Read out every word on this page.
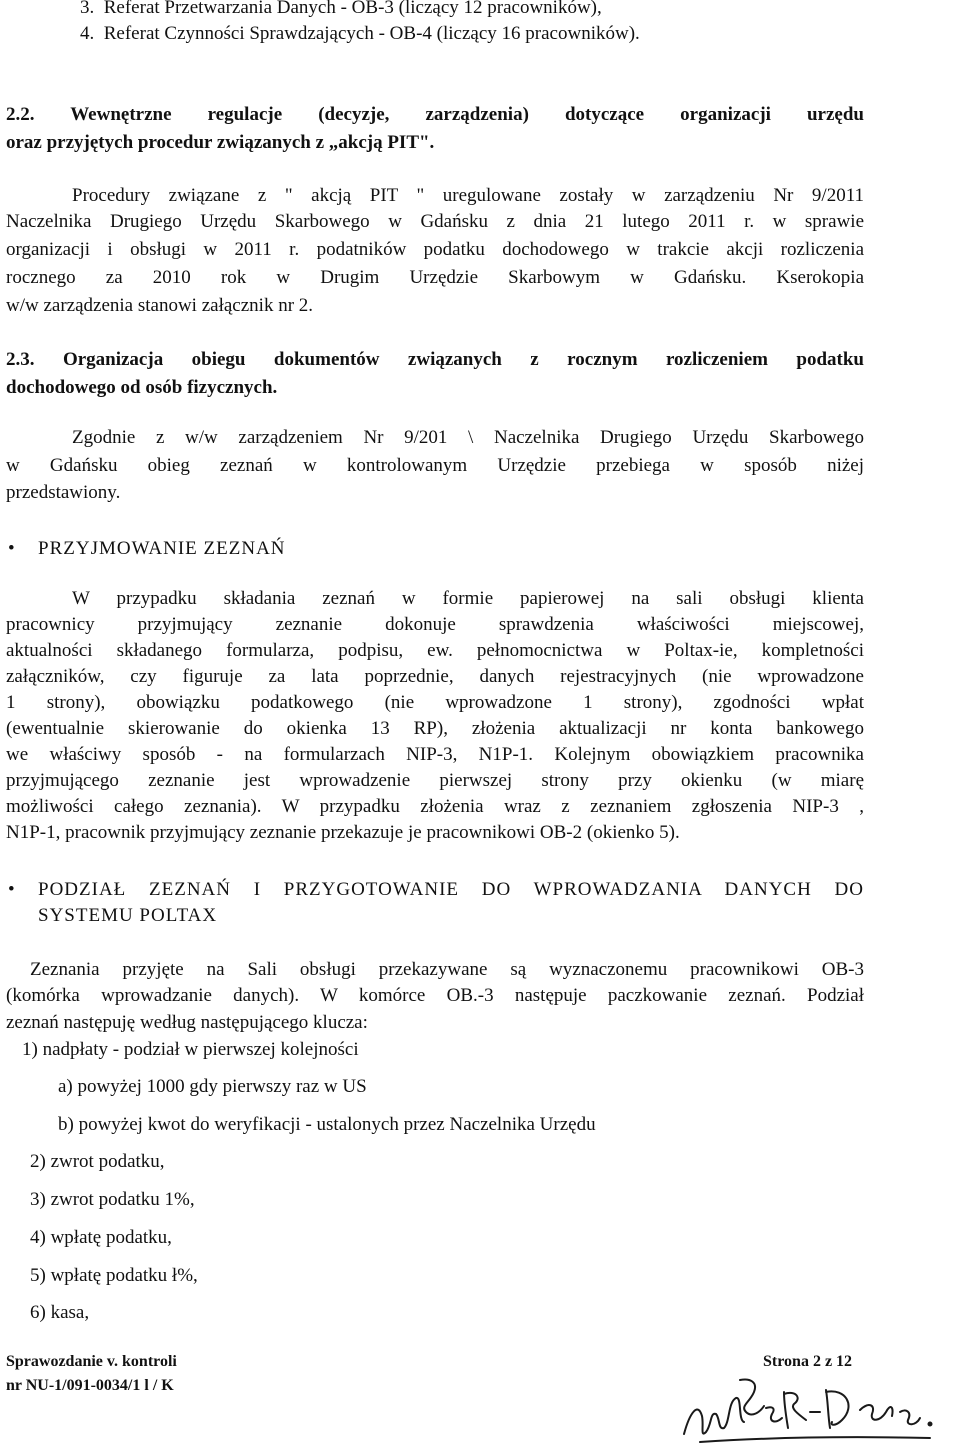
3. Referat Przetwarzania Danych - OB-3 (liczący 12 pracowników),
4. Referat Czynności Sprawdzających - OB-4 (liczący 16 pracowników).
2.2. Wewnętrzne regulacje (decyzje, zarządzenia) dotyczące organizacji urzędu
oraz przyjętych procedur związanych z „akcją PIT".
Procedury związane z " akcją PIT " uregulowane zostały w zarządzeniu Nr 9/2011
Naczelnika Drugiego Urzędu Skarbowego w Gdańsku z dnia 21 lutego 2011 r. w sprawie
organizacji i obsługi w 2011 r. podatników podatku dochodowego w trakcie akcji rozliczenia
rocznego za 2010 rok w Drugim Urzędzie Skarbowym w Gdańsku. Kserokopia
w/w zarządzenia stanowi załącznik nr 2.
2.3. Organizacja obiegu dokumentów związanych z rocznym rozliczeniem podatku
dochodowego od osób fizycznych.
Zgodnie z w/w zarządzeniem Nr 9/201 \ Naczelnika Drugiego Urzędu Skarbowego
w Gdańsku obieg zeznań w kontrolowanym Urzędzie przebiega w sposób niżej
przedstawiony.
• PRZYJMOWANIE ZEZNAŃ
W przypadku składania zeznań w formie papierowej na sali obsługi klienta
pracownicy przyjmujący zeznanie dokonuje sprawdzenia właściwości miejscowej,
aktualności składanego formularza, podpisu, ew. pełnomocnictwa w Poltax-ie, kompletności
załączników, czy figuruje za lata poprzednie, danych rejestracyjnych (nie wprowadzone
1 strony), obowiązku podatkowego (nie wprowadzone 1 strony), zgodności wpłat
(ewentualnie skierowanie do okienka 13 RP), złożenia aktualizacji nr konta bankowego
we właściwy sposób - na formularzach NIP-3, N1P-1. Kolejnym obowiązkiem pracownika
przyjmującego zeznanie jest wprowadzenie pierwszej strony przy okienku (w miarę
możliwości całego zeznania). W przypadku złożenia wraz z zeznaniem zgłoszenia NIP-3 ,
N1P-1, pracownik przyjmujący zeznanie przekazuje je pracownikowi OB-2 (okienko 5).
• PODZIAŁ ZEZNAŃ I PRZYGOTOWANIE DO WPROWADZANIA DANYCH DO
SYSTEMU POLTAX
Zeznania przyjęte na Sali obsługi przekazywane są wyznaczonemu pracownikowi OB-3
(komórka wprowadzanie danych). W komórce OB.-3 następuje paczkowanie zeznań. Podział
zeznań następuję według następującego klucza:
1) nadpłaty - podział w pierwszej kolejności
a) powyżej 1000 gdy pierwszy raz w US
b) powyżej kwot do weryfikacji - ustalonych przez Naczelnika Urzędu
2) zwrot podatku,
3) zwrot podatku 1%,
4) wpłatę podatku,
5) wpłatę podatku ł%,
6) kasa,
Sprawozdanie v. kontroli
nr NU-1/091-0034/1 l / K
Strona 2 z 12
